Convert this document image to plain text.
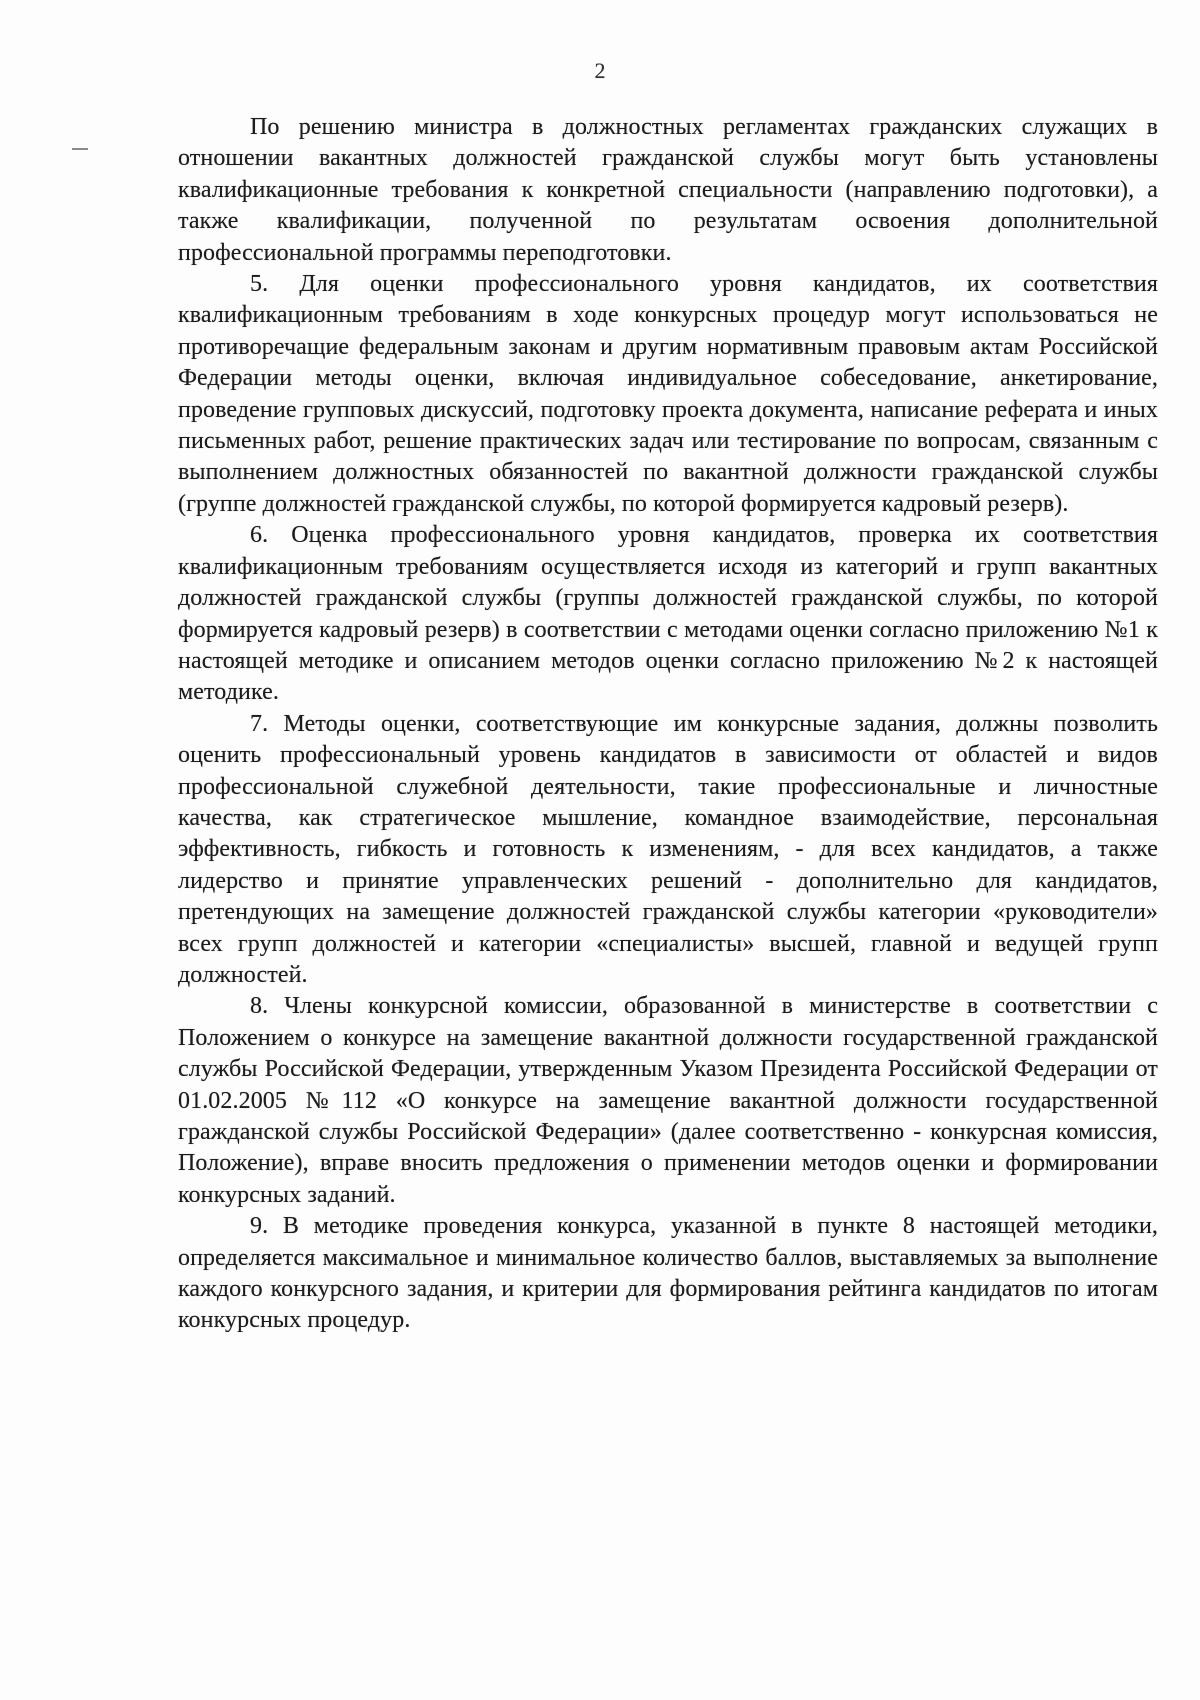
2

По решению министра в должностных регламентах гражданских служащих в отношении вакантных должностей гражданской службы могут быть установлены квалификационные требования к конкретной специальности (направлению подготовки), а также квалификации, полученной по результатам освоения дополнительной профессиональной программы переподготовки.

5. Для оценки профессионального уровня кандидатов, их соответствия квалификационным требованиям в ходе конкурсных процедур могут использоваться не противоречащие федеральным законам и другим нормативным правовым актам Российской Федерации методы оценки, включая индивидуальное собеседование, анкетирование, проведение групповых дискуссий, подготовку проекта документа, написание реферата и иных письменных работ, решение практических задач или тестирование по вопросам, связанным с выполнением должностных обязанностей по вакантной должности гражданской службы (группе должностей гражданской службы, по которой формируется кадровый резерв).

6. Оценка профессионального уровня кандидатов, проверка их соответствия квалификационным требованиям осуществляется исходя из категорий и групп вакантных должностей гражданской службы (группы должностей гражданской службы, по которой формируется кадровый резерв) в соответствии с методами оценки согласно приложению №1 к настоящей методике и описанием методов оценки согласно приложению №2 к настоящей методике.

7. Методы оценки, соответствующие им конкурсные задания, должны позволить оценить профессиональный уровень кандидатов в зависимости от областей и видов профессиональной служебной деятельности, такие профессиональные и личностные качества, как стратегическое мышление, командное взаимодействие, персональная эффективность, гибкость и готовность к изменениям, - для всех кандидатов, а также лидерство и принятие управленческих решений - дополнительно для кандидатов, претендующих на замещение должностей гражданской службы категории «руководители» всех групп должностей и категории «специалисты» высшей, главной и ведущей групп должностей.

8. Члены конкурсной комиссии, образованной в министерстве в соответствии с Положением о конкурсе на замещение вакантной должности государственной гражданской службы Российской Федерации, утвержденным Указом Президента Российской Федерации от 01.02.2005 №112 «О конкурсе на замещение вакантной должности государственной гражданской службы Российской Федерации» (далее соответственно - конкурсная комиссия, Положение), вправе вносить предложения о применении методов оценки и формировании конкурсных заданий.

9. В методике проведения конкурса, указанной в пункте 8 настоящей методики, определяется максимальное и минимальное количество баллов, выставляемых за выполнение каждого конкурсного задания, и критерии для формирования рейтинга кандидатов по итогам конкурсных процедур.
